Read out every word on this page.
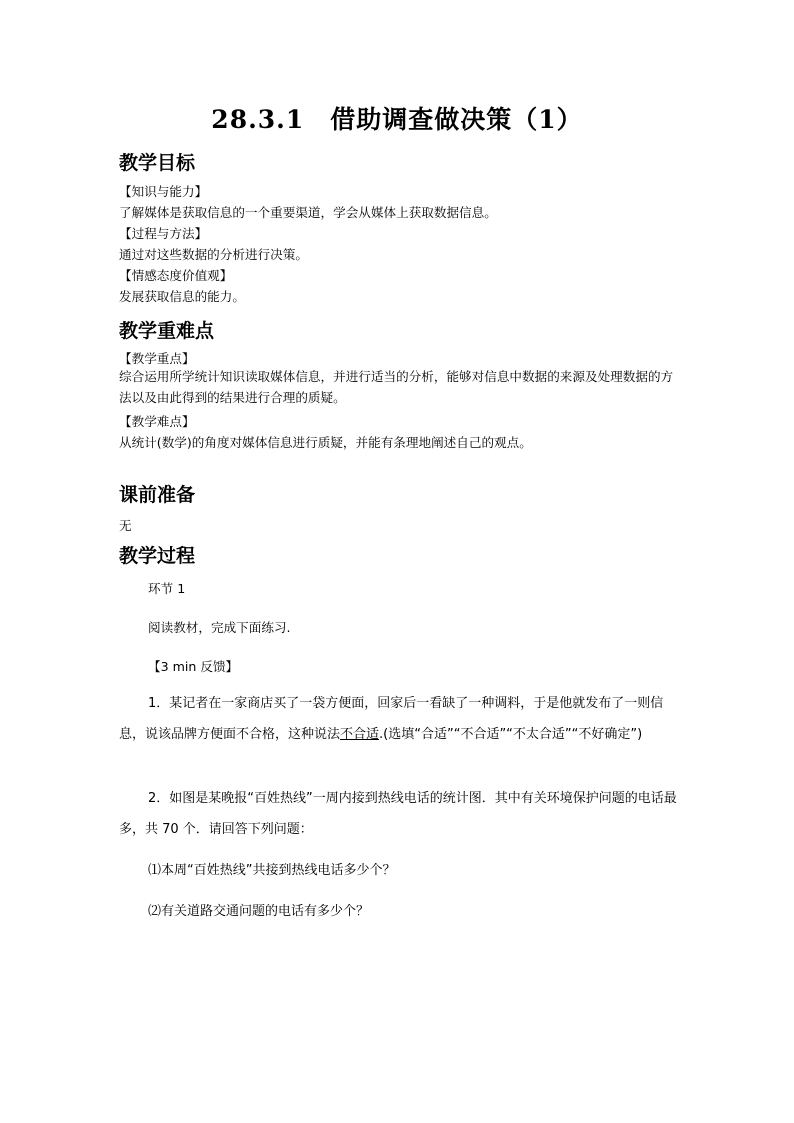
28.3.1　借助调查做决策（1）
教学目标
【知识与能力】
了解媒体是获取信息的一个重要渠道，学会从媒体上获取数据信息。
【过程与方法】
通过对这些数据的分析进行决策。
【情感态度价值观】
发展获取信息的能力。
教学重难点
【教学重点】
综合运用所学统计知识读取媒体信息，并进行适当的分析，能够对信息中数据的来源及处理数据的方法以及由此得到的结果进行合理的质疑。
【教学难点】
从统计(数学)的角度对媒体信息进行质疑，并能有条理地阐述自己的观点。
课前准备
无
教学过程
环节 1
阅读教材，完成下面练习.
【3 min 反馈】
1．某记者在一家商店买了一袋方便面，回家后一看缺了一种调料，于是他就发布了一则信息，说该品牌方便面不合格，这种说法不合适.(选填“合适”“不合适”“不太合适”“不好确定”)
2．如图是某晚报“百姓热线”一周内接到热线电话的统计图．其中有关环境保护问题的电话最多，共 70 个．请回答下列问题：
⑴本周“百姓热线”共接到热线电话多少个？
⑵有关道路交通问题的电话有多少个？
